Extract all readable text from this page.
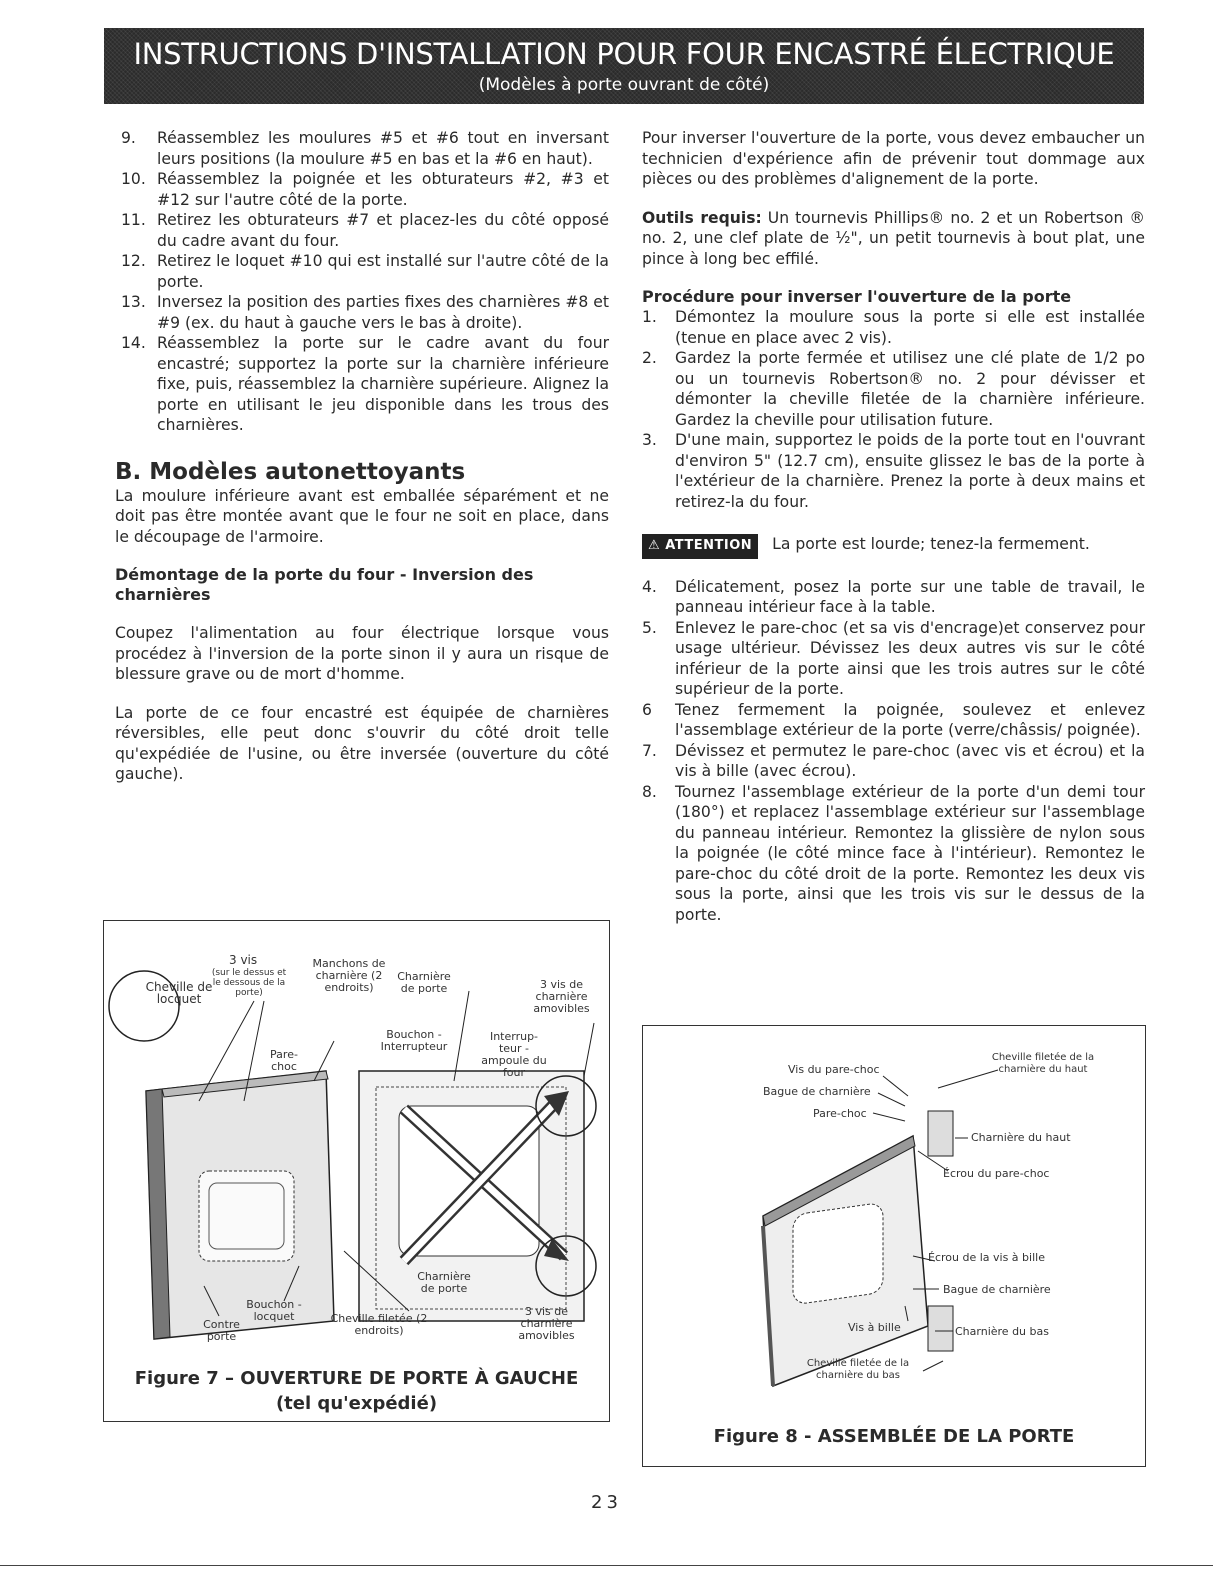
INSTRUCTIONS D'INSTALLATION POUR FOUR ENCASTRÉ ÉLECTRIQUE
(Modèles à porte ouvrant de côté)
9. Réassemblez les moulures #5 et #6 tout en inversant leurs positions (la moulure #5 en bas et la #6 en haut).
10. Réassemblez la poignée et les obturateurs #2, #3 et #12 sur l'autre côté de la porte.
11. Retirez les obturateurs #7 et placez-les du côté opposé du cadre avant du four.
12. Retirez le loquet #10 qui est installé sur l'autre côté de la porte.
13. Inversez la position des parties fixes des charnières #8 et #9 (ex. du haut à gauche vers le bas à droite).
14. Réassemblez la porte sur le cadre avant du four encastré; supportez la porte sur la charnière inférieure fixe, puis, réassemblez la charnière supérieure. Alignez la porte en utilisant le jeu disponible dans les trous des charnières.
B. Modèles autonettoyants

La moulure inférieure avant est emballée séparément et ne doit pas être montée avant que le four ne soit en place, dans le découpage de l'armoire.

Démontage de la porte du four - Inversion des charnières

Coupez l'alimentation au four électrique lorsque vous procédez à l'inversion de la porte sinon il y aura un risque de blessure grave ou de mort d'homme.

La porte de ce four encastré est équipée de charnières réversibles, elle peut donc s'ouvrir du côté droit telle qu'expédiée de l'usine, ou être inversée (ouverture du côté gauche).

3 vis
(sur le dessus et le dessous de la porte)
Cheville de locquet
Manchons de charnière (2 endroits)
Charnière de porte	3 vis de charnière amovibles
Pare-choc
Bouchon - Interrupteur
Interrup-teur - ampoule du four
Charnière de porte
Bouchon - locquet
Contre porte
Cheville filetée (2 endroits)
3 vis de charnière amovibles
Figure 7 – OUVERTURE DE PORTE À GAUCHE
(tel qu'expédié)

Pour inverser l'ouverture de la porte, vous devez embaucher un technicien d'expérience afin de prévenir tout dommage aux pièces ou des problèmes d'alignement de la porte.

Outils requis: Un tournevis Phillips® no. 2 et un Robertson ® no. 2, une clef plate de ½", un petit tournevis à bout plat, une pince à long bec effilé.

Procédure pour inverser l'ouverture de la porte
1. Démontez la moulure sous la porte si elle est installée (tenue en place avec 2 vis).
2. Gardez la porte fermée et utilisez une clé plate de 1/2 po ou un tournevis Robertson® no. 2 pour dévisser et démonter la cheville filetée de la charnière inférieure. Gardez la cheville pour utilisation future.
3. D'une main, supportez le poids de la porte tout en l'ouvrant d'environ 5" (12.7 cm), ensuite glissez le bas de la porte à l'extérieur de la charnière. Prenez la porte à deux mains et retirez-la du four.

⚠ ATTENTION La porte est lourde; tenez-la fermement.

4. Délicatement, posez la porte sur une table de travail, le panneau intérieur face à la table.
5. Enlevez le pare-choc (et sa vis d'encrage)et conservez pour usage ultérieur. Dévissez les deux autres vis sur le côté inférieur de la porte ainsi que les trois autres sur le côté supérieur de la porte.
6 Tenez fermement la poignée, soulevez et enlevez l'assemblage extérieur de la porte (verre/châssis/ poignée).
7. Dévissez et permutez le pare-choc (avec vis et écrou) et la vis à bille (avec écrou).
8. Tournez l'assemblage extérieur de la porte d'un demi tour (180°) et replacez l'assemblage extérieur sur l'assemblage du panneau intérieur. Remontez la glissière de nylon sous la poignée (le côté mince face à l'intérieur). Remontez le pare-choc du côté droit de la porte. Remontez les deux vis sous la porte, ainsi que les trois vis sur le dessus de la porte.
Vis du pare-choc
Bague de charnière
Pare-choc
Cheville filetée de la charnière du haut
Charnière du haut
Écrou du pare-choc
Écrou de la vis à bille
Bague de charnière
Vis à bille	Charnière du bas
Cheville filetée de la charnière du bas
Figure 8 - ASSEMBLÉE DE LA PORTE
23
